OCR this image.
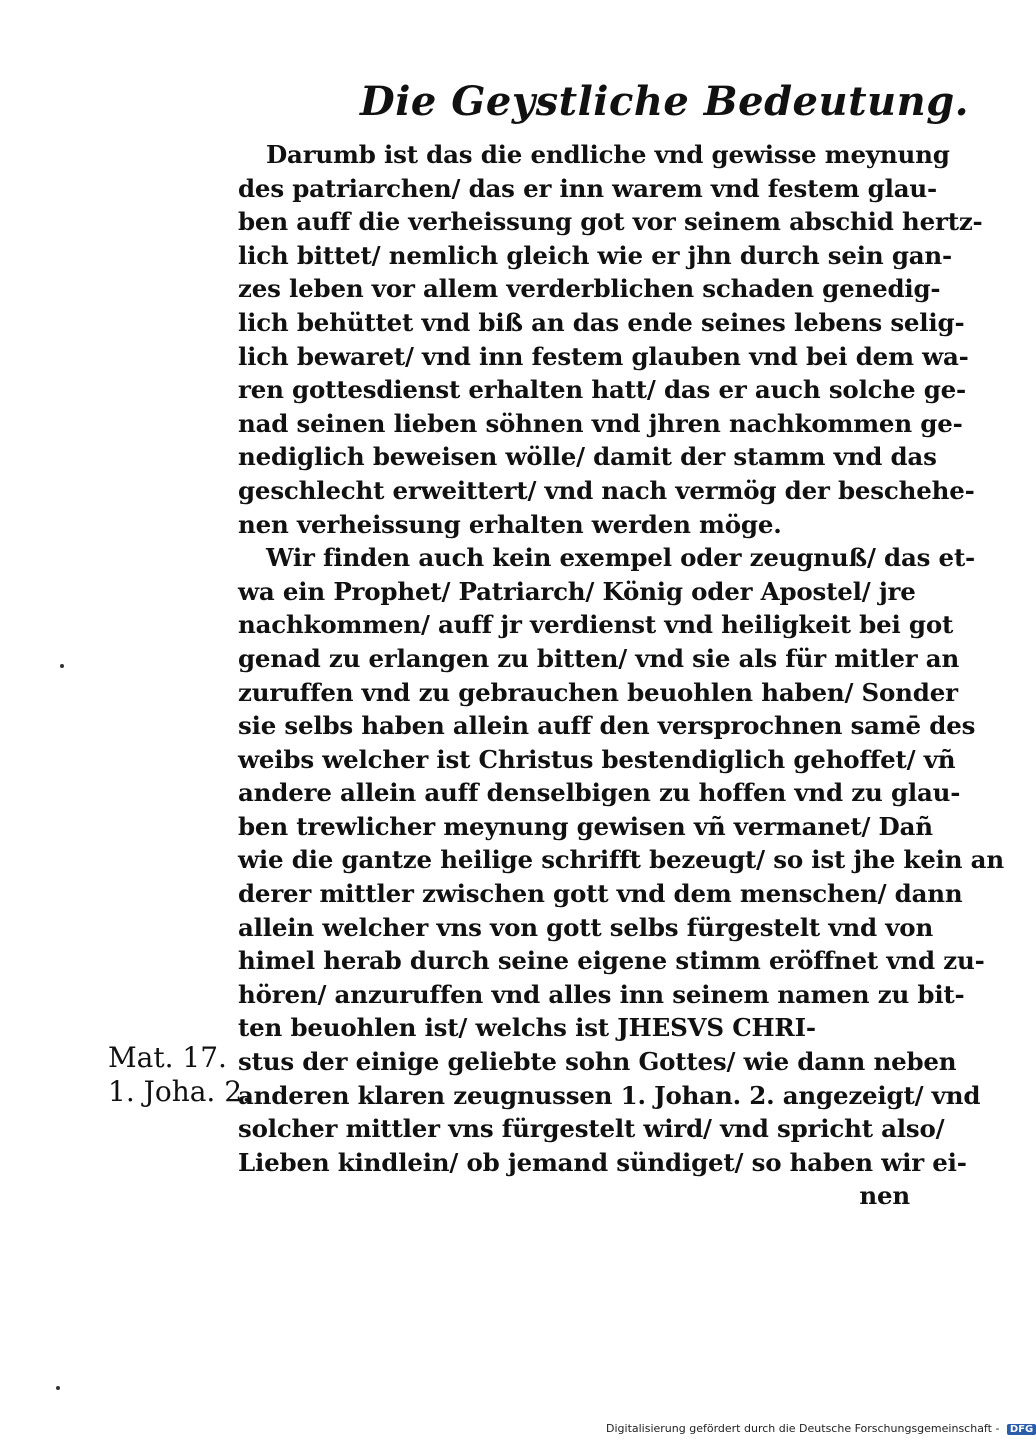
Die Geystliche Bedeutung.
Darumb ist das die endliche vnd gewisse meynung
des patriarchen/ das er inn warem vnd festem glau-
ben auff die verheissung got vor seinem abschid hertz-
lich bittet/ nemlich gleich wie er jhn durch sein gan-
zes leben vor allem verderblichen schaden genedig-
lich behüttet vnd biß an das ende seines lebens selig-
lich bewaret/ vnd inn festem glauben vnd bei dem wa-
ren gottesdienst erhalten hatt/ das er auch solche ge-
nad seinen lieben söhnen vnd jhren nachkommen ge-
nediglich beweisen wölle/ damit der stamm vnd das
geschlecht erweittert/ vnd nach vermög der beschehe-
nen verheissung erhalten werden möge.
Wir finden auch kein exempel oder zeugnuß/ das et-
wa ein Prophet/ Patriarch/ König oder Apostel/ jre
nachkommen/ auff jr verdienst vnd heiligkeit bei got
genad zu erlangen zu bitten/ vnd sie als für mitler an
zuruffen vnd zu gebrauchen beuohlen haben/ Sonder
sie selbs haben allein auff den versprochnen samē des
weibs welcher ist Christus bestendiglich gehoffet/ vñ
andere allein auff denselbigen zu hoffen vnd zu glau-
ben trewlicher meynung gewisen vñ vermanet/ Dañ
wie die gantze heilige schrifft bezeugt/ so ist jhe kein an
derer mittler zwischen gott vnd dem menschen/ dann
allein welcher vns von gott selbs fürgestelt vnd von
himel herab durch seine eigene stimm eröffnet vnd zu-
hören/ anzuruffen vnd alles inn seinem namen zu bit-
ten beuohlen ist/ welchs ist JHESVS CHRI-
stus der einige geliebte sohn Gottes/ wie dann neben
anderen klaren zeugnussen 1. Johan. 2. angezeigt/ vnd
solcher mittler vns fürgestelt wird/ vnd spricht also/
Lieben kindlein/ ob jemand sündiget/ so haben wir ei-
nen
Mat. 17.
1. Joha. 2.
Digitalisierung gefördert durch die Deutsche Forschungsgemeinschaft - DFG
